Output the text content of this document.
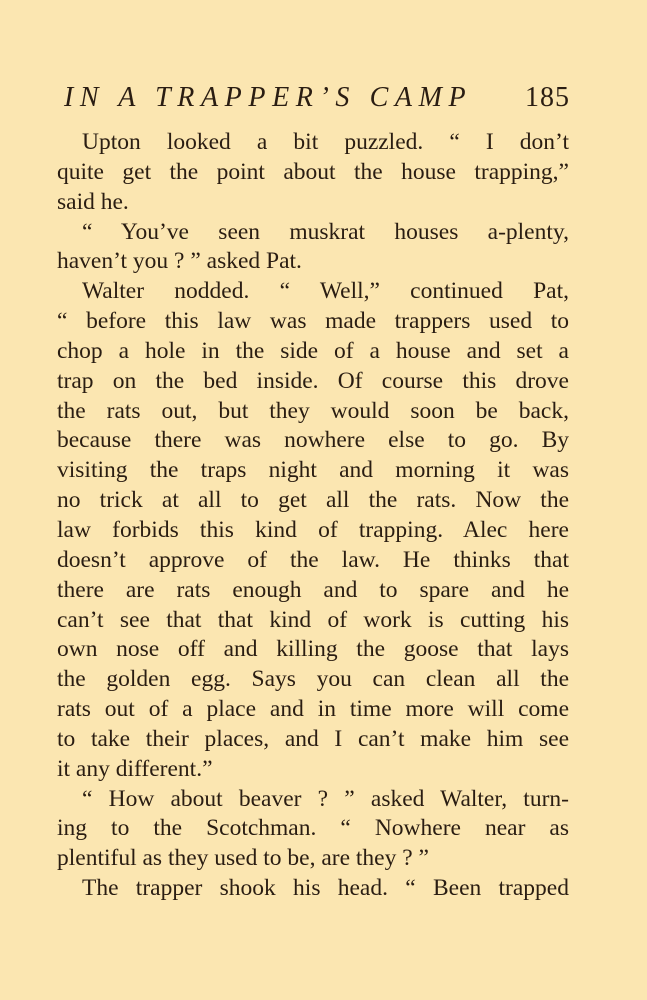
IN A TRAPPER’S CAMP 185
Upton looked a bit puzzled. “ I don’t
quite get the point about the house trapping,”
said he.
“ You’ve seen muskrat houses a-plenty,
haven’t you ? ” asked Pat.
Walter nodded. “ Well,” continued Pat,
“ before this law was made trappers used to
chop a hole in the side of a house and set a
trap on the bed inside. Of course this drove
the rats out, but they would soon be back,
because there was nowhere else to go. By
visiting the traps night and morning it was
no trick at all to get all the rats. Now the
law forbids this kind of trapping. Alec here
doesn’t approve of the law. He thinks that
there are rats enough and to spare and he
can’t see that that kind of work is cutting his
own nose off and killing the goose that lays
the golden egg. Says you can clean all the
rats out of a place and in time more will come
to take their places, and I can’t make him see
it any different.”
“ How about beaver ? ” asked Walter, turn-
ing to the Scotchman. “ Nowhere near as
plentiful as they used to be, are they ? ”
The trapper shook his head. “ Been trapped
